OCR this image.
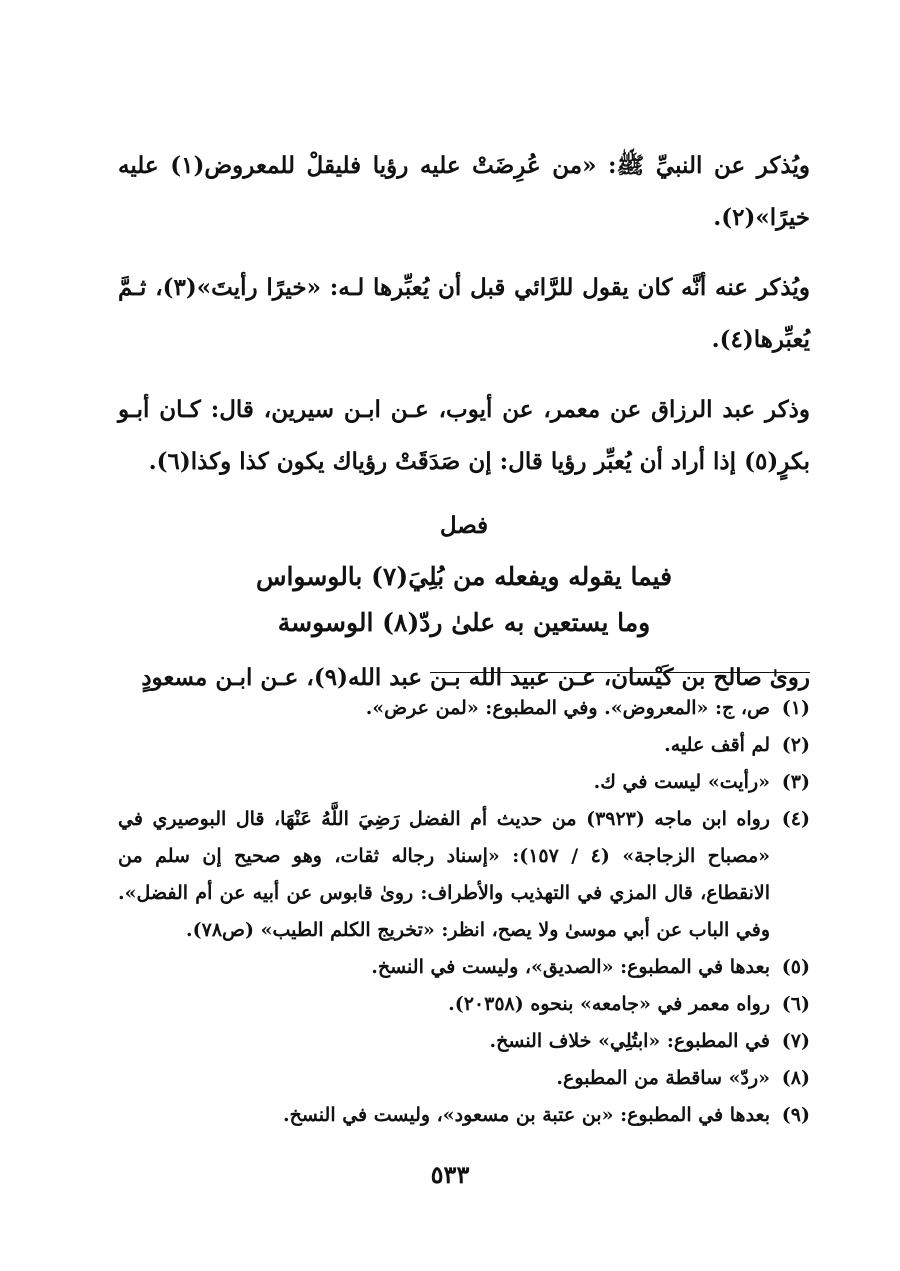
ويُذكر عن النبيِّ ﷺ: «من عُرِضَتْ عليه رؤيا فليقلْ للمعروض(١) عليه خيرًا»(٢).

ويُذكر عنه أنَّه كان يقول للرَّائي قبل أن يُعبِّرها لـه: «خيرًا رأيتَ»(٣)، ثـمَّ يُعبِّرها(٤).

وذكر عبد الرزاق عن معمر، عن أيوب، عـن ابـن سيرين، قال: كـان أبـو بكرٍ(٥) إذا أراد أن يُعبِّر رؤيا قال: إن صَدَقَتْ رؤياك يكون كذا وكذا(٦).

فصل
فيما يقوله ويفعله من بُلِيَ(٧) بالوسواس
وما يستعين به علىٰ ردّ(٨) الوسوسة
روىٰ صالح بن كَيْسان، عـن عبيد الله بـن عبد الله(٩)، عـن ابـن مسعودٍ
(١)
ص، ج: «المعروض». وفي المطبوع: «لمن عرض».
(٢)
لم أقف عليه.
(٣)
«رأيت» ليست في ك.
(٤)
رواه ابن ماجه (٣٩٢٣) من حديث أم الفضل رَضِيَ اللَّهُ عَنْهَا، قال البوصيري في «مصباح الزجاجة» (٤ / ١٥٧): «إسناد رجاله ثقات، وهو صحيح إن سلم من الانقطاع، قال المزي في التهذيب والأطراف: روىٰ قابوس عن أبيه عن أم الفضل». وفي الباب عن أبي موسىٰ ولا يصح، انظر: «تخريج الكلم الطيب» (ص٧٨).
(٥)
بعدها في المطبوع: «الصديق»، وليست في النسخ.
(٦)
رواه معمر في «جامعه» بنحوه (٢٠٣٥٨).
(٧)
في المطبوع: «ابتُلِي» خلاف النسخ.
(٨)
«ردّ» ساقطة من المطبوع.
(٩)
بعدها في المطبوع: «بن عتبة بن مسعود»، وليست في النسخ.
٥٣٣
